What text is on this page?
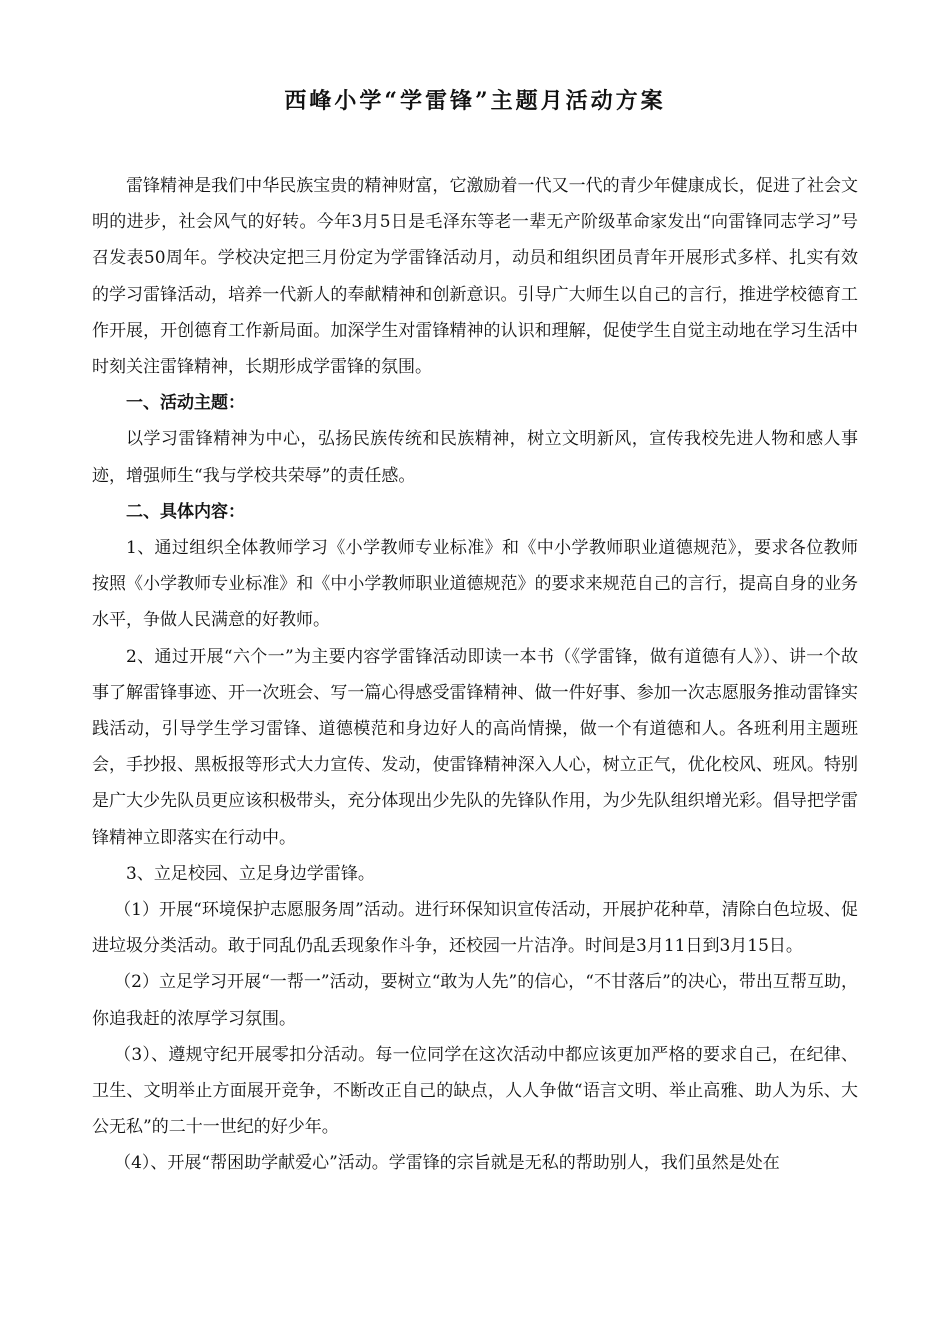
西峰小学“学雷锋”主题月活动方案

雷锋精神是我们中华民族宝贵的精神财富，它激励着一代又一代的青少年健康成长，促进了社会文明的进步，社会风气的好转。今年3月5日是毛泽东等老一辈无产阶级革命家发出“向雷锋同志学习”号召发表50周年。学校决定把三月份定为学雷锋活动月，动员和组织团员青年开展形式多样、扎实有效的学习雷锋活动，培养一代新人的奉献精神和创新意识。引导广大师生以自己的言行，推进学校德育工作开展，开创德育工作新局面。加深学生对雷锋精神的认识和理解，促使学生自觉主动地在学习生活中时刻关注雷锋精神，长期形成学雷锋的氛围。

一、活动主题：

以学习雷锋精神为中心，弘扬民族传统和民族精神，树立文明新风，宣传我校先进人物和感人事迹，增强师生“我与学校共荣辱”的责任感。

二、具体内容：

1、通过组织全体教师学习《小学教师专业标准》和《中小学教师职业道德规范》，要求各位教师按照《小学教师专业标准》和《中小学教师职业道德规范》的要求来规范自己的言行，提高自身的业务水平，争做人民满意的好教师。

2、通过开展“六个一”为主要内容学雷锋活动即读一本书（《学雷锋，做有道德有人》）、讲一个故事了解雷锋事迹、开一次班会、写一篇心得感受雷锋精神、做一件好事、参加一次志愿服务推动雷锋实践活动，引导学生学习雷锋、道德模范和身边好人的高尚情操，做一个有道德和人。各班利用主题班会，手抄报、黑板报等形式大力宣传、发动，使雷锋精神深入人心，树立正气，优化校风、班风。特别是广大少先队员更应该积极带头，充分体现出少先队的先锋队作用，为少先队组织增光彩。倡导把学雷锋精神立即落实在行动中。

3、立足校园、立足身边学雷锋。

（1）开展“环境保护志愿服务周”活动。进行环保知识宣传活动，开展护花种草，清除白色垃圾、促进垃圾分类活动。敢于同乱仍乱丢现象作斗争，还校园一片洁净。时间是3月11日到3月15日。

（2）立足学习开展“一帮一”活动，要树立“敢为人先”的信心，“不甘落后”的决心，带出互帮互助，你追我赶的浓厚学习氛围。

（3）、遵规守纪开展零扣分活动。每一位同学在这次活动中都应该更加严格的要求自己，在纪律、卫生、文明举止方面展开竞争，不断改正自己的缺点，人人争做“语言文明、举止高雅、助人为乐、大公无私”的二十一世纪的好少年。

（4）、开展“帮困助学献爱心”活动。学雷锋的宗旨就是无私的帮助别人，我们虽然是处在
